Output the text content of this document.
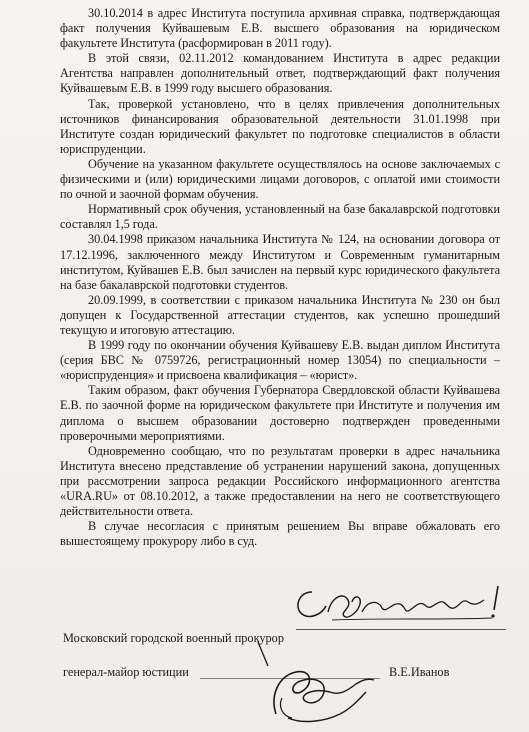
30.10.2014 в адрес Института поступила архивная справка, подтверждающая факт получения Куйвашевым Е.В. высшего образования на юридическом факультете Института (расформирован в 2011 году).

В этой связи, 02.11.2012 командованием Института в адрес редакции Агентства направлен дополнительный ответ, подтверждающий факт получения Куйвашевым Е.В. в 1999 году высшего образования.

Так, проверкой установлено, что в целях привлечения дополнительных источников финансирования образовательной деятельности 31.01.1998 при Институте создан юридический факультет по подготовке специалистов в области юриспруденции.

Обучение на указанном факультете осуществлялось на основе заключаемых с физическими и (или) юридическими лицами договоров, с оплатой ими стоимости по очной и заочной формам обучения.

Нормативный срок обучения, установленный на базе бакалаврской подготовки составлял 1,5 года.

30.04.1998 приказом начальника Института № 124, на основании договора от 17.12.1996, заключенного между Институтом и Современным гуманитарным институтом, Куйвашев Е.В. был зачислен на первый курс юридического факультета на базе бакалаврской подготовки студентов.

20.09.1999, в соответствии с приказом начальника Института № 230 он был допущен к Государственной аттестации студентов, как успешно прошедший текущую и итоговую аттестацию.

В 1999 году по окончании обучения Куйвашеву Е.В. выдан диплом Института (серия БВС № 0759726, регистрационный номер 13054) по специальности – «юриспруденция» и присвоена квалификация – «юрист».

Таким образом, факт обучения Губернатора Свердловской области Куйвашева Е.В. по заочной форме на юридическом факультете при Институте и получения им диплома о высшем образовании достоверно подтвержден проведенными проверочными мероприятиями.

Одновременно сообщаю, что по результатам проверки в адрес начальника Института внесено представление об устранении нарушений закона, допущенных при рассмотрении запроса редакции Российского информационного агентства «URA.RU» от 08.10.2012, а также предоставлении на него не соответствующего действительности ответа.

В случае несогласия с принятым решением Вы вправе обжаловать его вышестоящему прокурору либо в суд.

Московский городской военный прокурор
генерал-майор юстиции	В.Е.Иванов
